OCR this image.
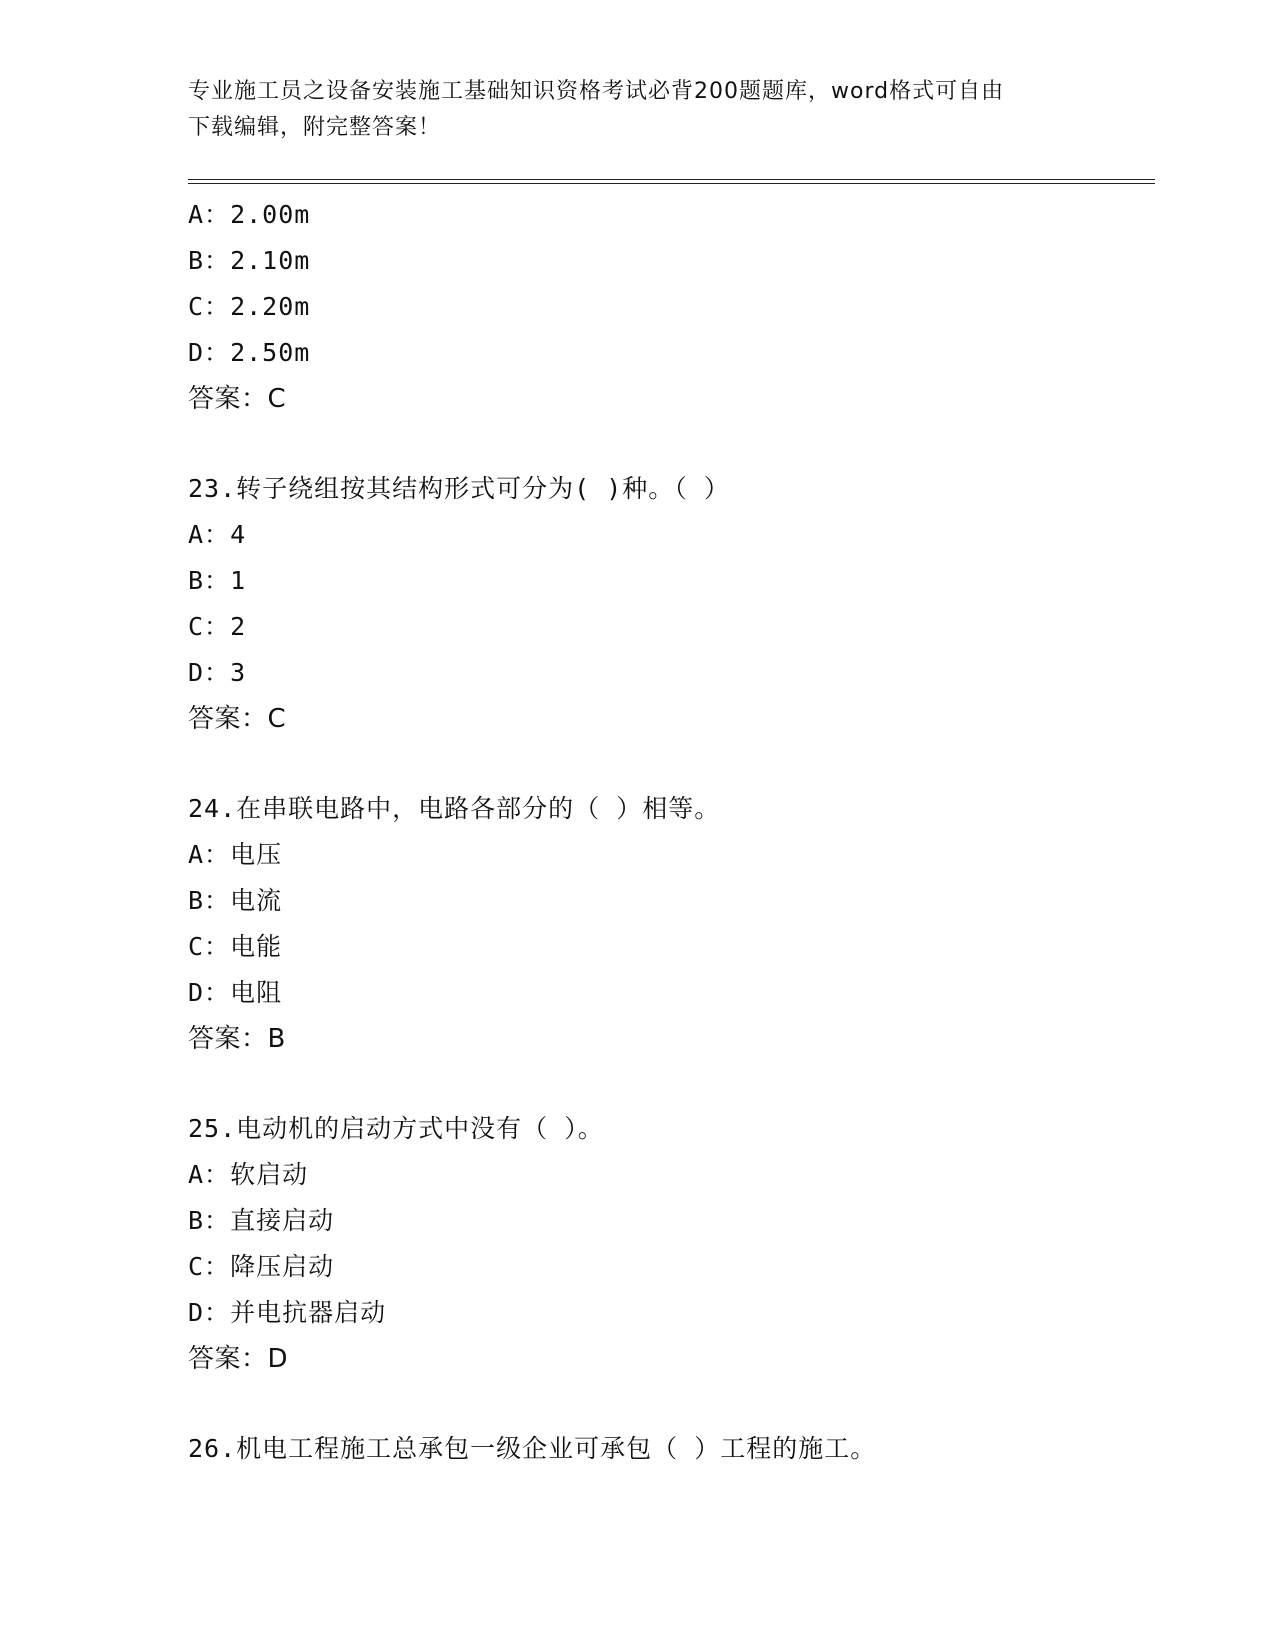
专业施工员之设备安装施工基础知识资格考试必背200题题库，word格式可自由
下载编辑，附完整答案！
A：2.00m
B：2.10m
C：2.20m
D：2.50m
答案：C
23.转子绕组按其结构形式可分为( )种。（ ）
A：4
B：1
C：2
D：3
答案：C
24.在串联电路中，电路各部分的（ ）相等。
A：电压
B：电流
C：电能
D：电阻
答案：B
25.电动机的启动方式中没有（ ）。
A：软启动
B：直接启动
C：降压启动
D：并电抗器启动
答案：D
26.机电工程施工总承包一级企业可承包（ ）工程的施工。
